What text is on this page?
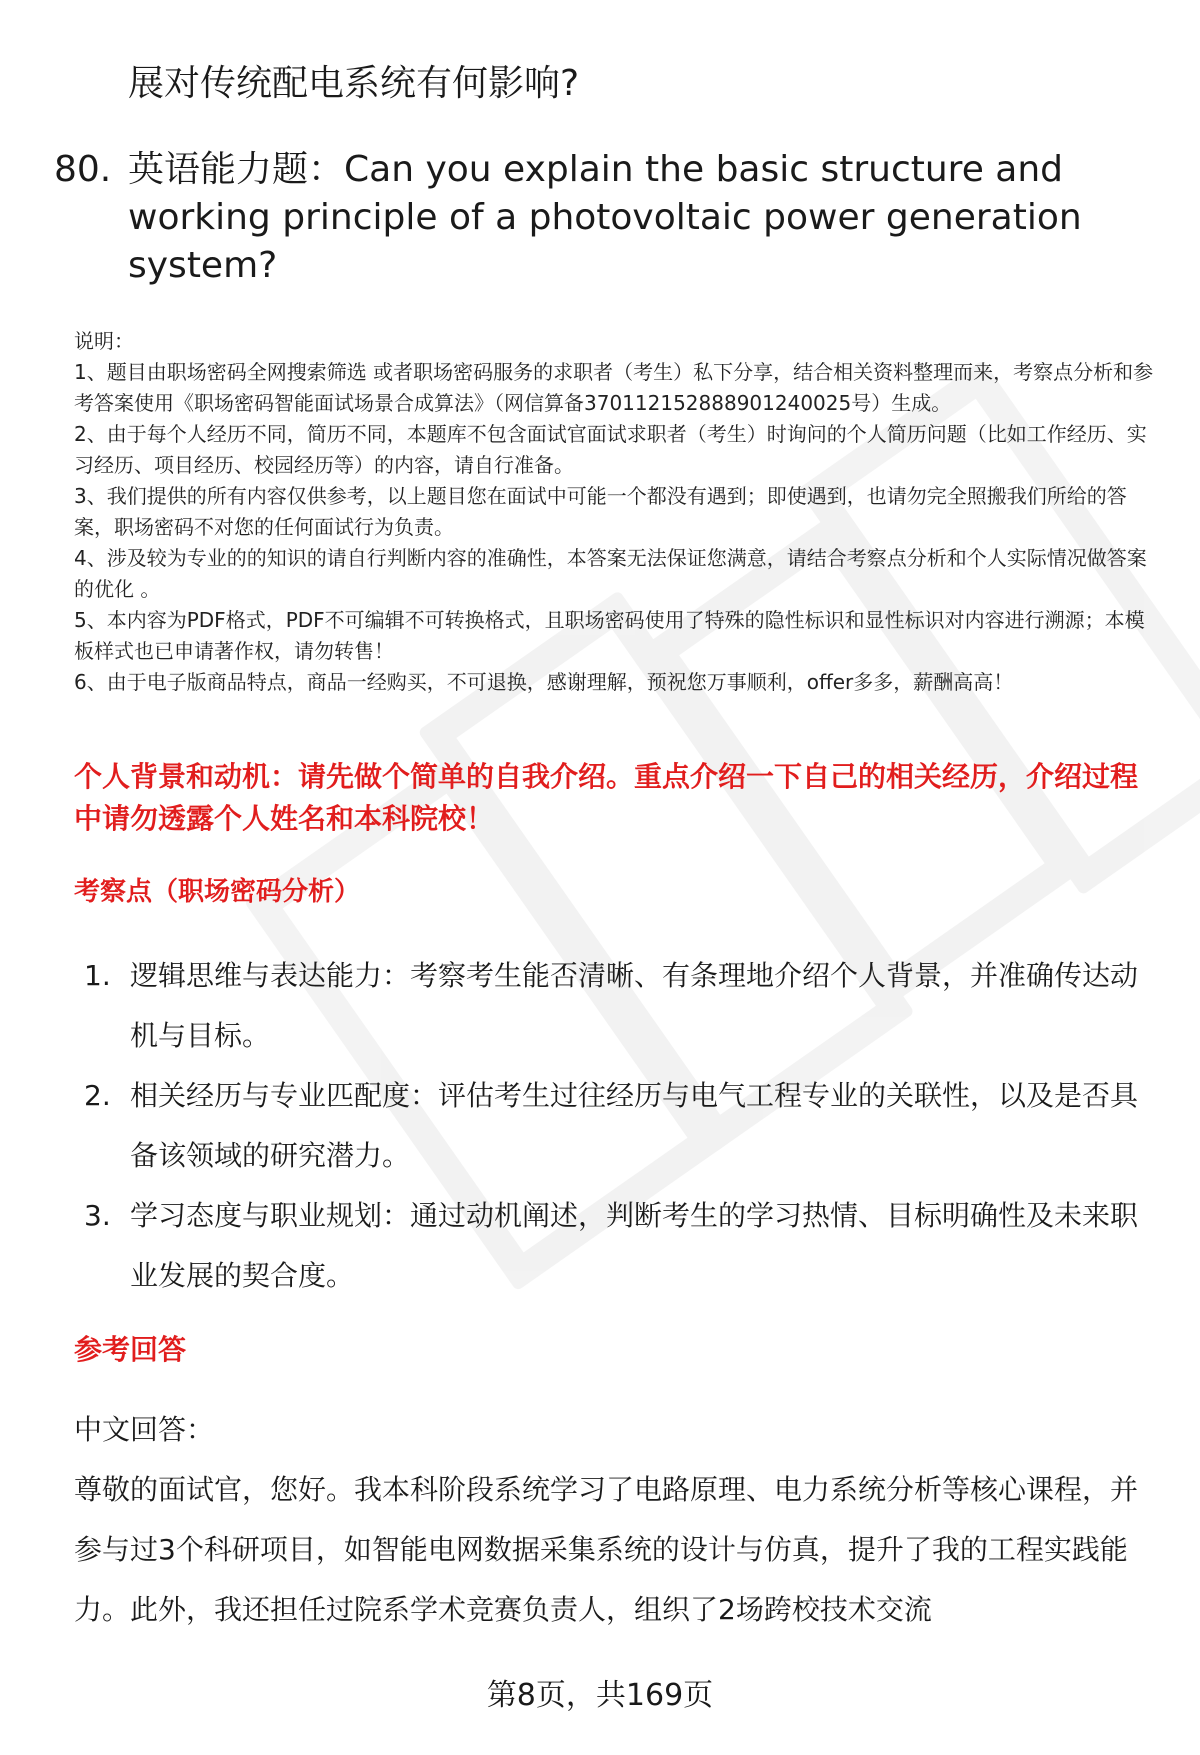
展对传统配电系统有何影响?
80. 英语能力题：Can you explain the basic structure and working principle of a photovoltaic power generation system?
说明：
1、题目由职场密码全网搜索筛选 或者职场密码服务的求职者（考生）私下分享，结合相关资料整理而来，考察点分析和参考答案使用《职场密码智能面试场景合成算法》（网信算备370112152888901240025号）生成。
2、由于每个人经历不同，简历不同，本题库不包含面试官面试求职者（考生）时询问的个人简历问题（比如工作经历、实习经历、项目经历、校园经历等）的内容，请自行准备。
3、我们提供的所有内容仅供参考，以上题目您在面试中可能一个都没有遇到；即使遇到，也请勿完全照搬我们所给的答案，职场密码不对您的任何面试行为负责。
4、涉及较为专业的的知识的请自行判断内容的准确性，本答案无法保证您满意，请结合考察点分析和个人实际情况做答案的优化 。
5、本内容为PDF格式，PDF不可编辑不可转换格式，且职场密码使用了特殊的隐性标识和显性标识对内容进行溯源；本模板样式也已申请著作权，请勿转售！
6、由于电子版商品特点，商品一经购买，不可退换，感谢理解，预祝您万事顺利，offer多多，薪酬高高！
个人背景和动机：请先做个简单的自我介绍。重点介绍一下自己的相关经历，介绍过程中请勿透露个人姓名和本科院校！
考察点（职场密码分析）
1. 逻辑思维与表达能力：考察考生能否清晰、有条理地介绍个人背景，并准确传达动机与目标。
2. 相关经历与专业匹配度：评估考生过往经历与电气工程专业的关联性，以及是否具备该领域的研究潜力。
3. 学习态度与职业规划：通过动机阐述，判断考生的学习热情、目标明确性及未来职业发展的契合度。
参考回答
中文回答：
尊敬的面试官，您好。我本科阶段系统学习了电路原理、电力系统分析等核心课程，并参与过3个科研项目，如智能电网数据采集系统的设计与仿真，提升了我的工程实践能力。此外，我还担任过院系学术竞赛负责人，组织了2场跨校技术交流
第8页，共169页
